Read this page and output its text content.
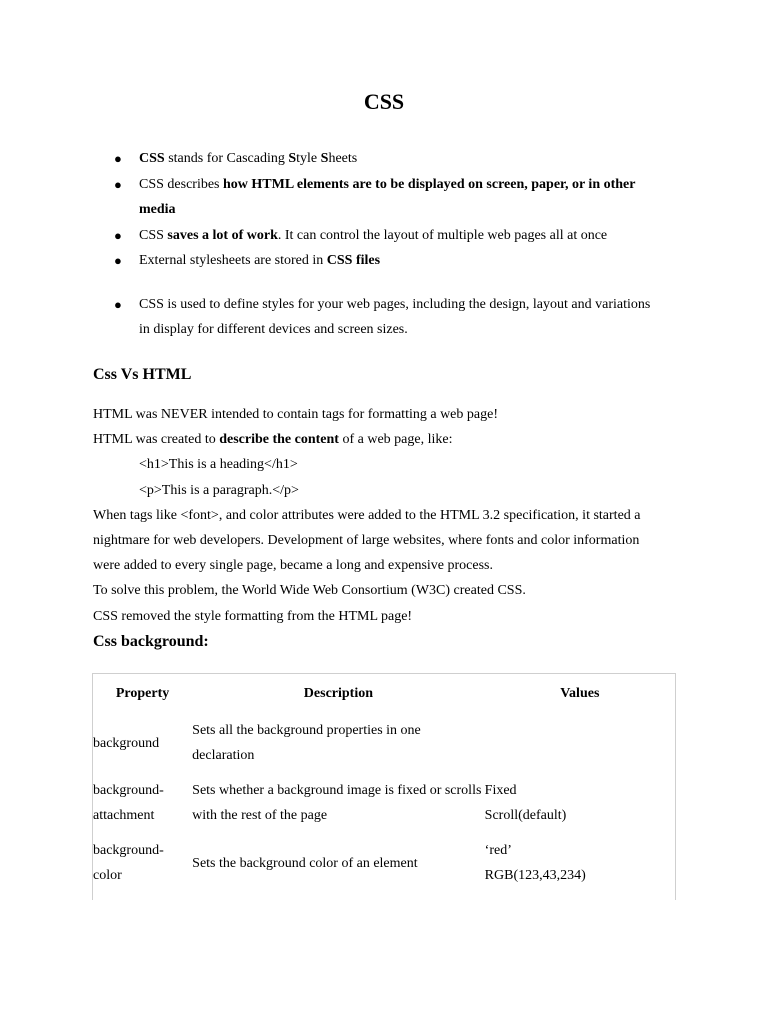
CSS
● CSS stands for Cascading Style Sheets
● CSS describes how HTML elements are to be displayed on screen, paper, or in other media
● CSS saves a lot of work. It can control the layout of multiple web pages all at once
● External stylesheets are stored in CSS files
● CSS is used to define styles for your web pages, including the design, layout and variations in display for different devices and screen sizes.
Css Vs HTML
HTML was NEVER intended to contain tags for formatting a web page!
HTML was created to describe the content of a web page, like:
<h1>This is a heading</h1>
<p>This is a paragraph.</p>
When tags like <font>, and color attributes were added to the HTML 3.2 specification, it started a nightmare for web developers. Development of large websites, where fonts and color information were added to every single page, became a long and expensive process.
To solve this problem, the World Wide Web Consortium (W3C) created CSS.
CSS removed the style formatting from the HTML page!
Css background:
Property	Description	Values
background	Sets all the background properties in one declaration	

background-attachment	Sets whether a background image is fixed or scrolls with the rest of the page	Fixed
Scroll(default)

background-color	Sets the background color of an element	‘red’
RGB(123,43,234)
